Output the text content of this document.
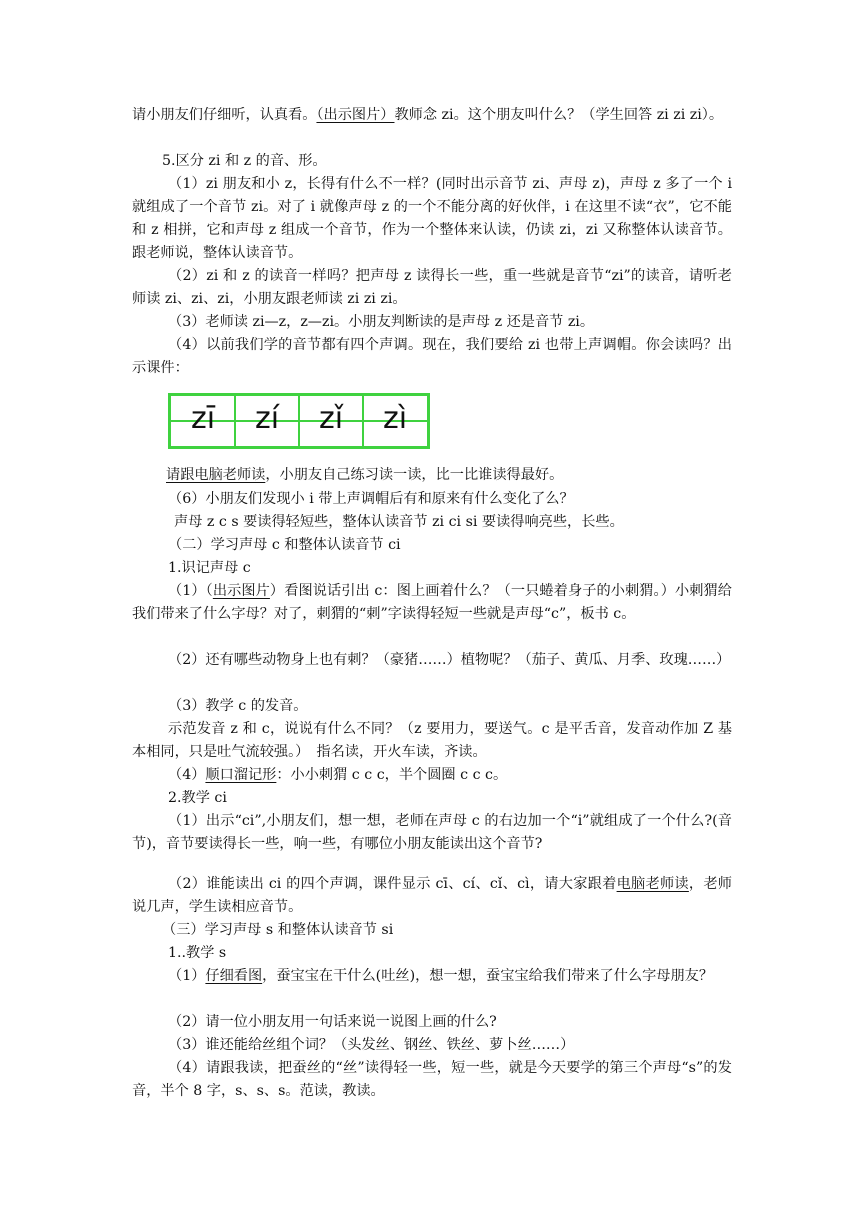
请小朋友们仔细听，认真看。（出示图片）教师念 zi。这个朋友叫什么？（学生回答 zi zi zi）。
5.区分 zi 和 z 的音、形。
（1）zi 朋友和小 z，长得有什么不一样？(同时出示音节 zi、声母 z)，声母 z 多了一个 i 就组成了一个音节 zi。对了 i 就像声母 z 的一个不能分离的好伙伴，i 在这里不读“衣”，它不能和 z 相拼，它和声母 z 组成一个音节，作为一个整体来认读，仍读 zi，zi 又称整体认读音节。跟老师说，整体认读音节。
（2）zi 和 z 的读音一样吗？把声母 z 读得长一些，重一些就是音节“zi”的读音，请听老师读 zi、zi、zi，小朋友跟老师读 zi zi zi。
（3）老师读 zi—z，z—zi。小朋友判断读的是声母 z 还是音节 zi。
（4）以前我们学的音节都有四个声调。现在，我们要给 zi 也带上声调帽。你会读吗？出示课件：
zī	zí	zǐ	zì
请跟电脑老师读，小朋友自己练习读一读，比一比谁读得最好。
（6）小朋友们发现小 i 带上声调帽后有和原来有什么变化了么？
声母 z c s 要读得轻短些，整体认读音节 zi ci si 要读得响亮些，长些。
（二）学习声母 c 和整体认读音节 ci
1.识记声母 c
（1）（出示图片）看图说话引出 c：图上画着什么？（一只蜷着身子的小刺猬。）小刺猬给我们带来了什么字母？对了，刺猬的“刺”字读得轻短一些就是声母“c”，板书 c。
（2）还有哪些动物身上也有刺？（豪猪……）植物呢？（茄子、黄瓜、月季、玫瑰……）
（3）教学 c 的发音。
示范发音 z 和 c，说说有什么不同？（z 要用力，要送气。c 是平舌音，发音动作加 Z 基本相同，只是吐气流较强。）　指名读，开火车读，齐读。
（4）顺口溜记形：小小刺猬 c c c，半个圆圈 c c c。
2.教学 ci
（1）出示“ci”,小朋友们，想一想，老师在声母 c 的右边加一个“i”就组成了一个什么?(音节)，音节要读得长一些，响一些，有哪位小朋友能读出这个音节?
（2）谁能读出 ci 的四个声调，课件显示 cī、cí、cǐ、cì，请大家跟着电脑老师读，老师说几声，学生读相应音节。
（三）学习声母 s 和整体认读音节 si
1..教学 s
（1）仔细看图，蚕宝宝在干什么(吐丝)，想一想，蚕宝宝给我们带来了什么字母朋友？
（2）请一位小朋友用一句话来说一说图上画的什么?
（3）谁还能给丝组个词？（头发丝、钢丝、铁丝、萝卜丝……）
（4）请跟我读，把蚕丝的“丝”读得轻一些，短一些，就是今天要学的第三个声母“s”的发音，半个 8 字，s、s、s。范读，教读。
